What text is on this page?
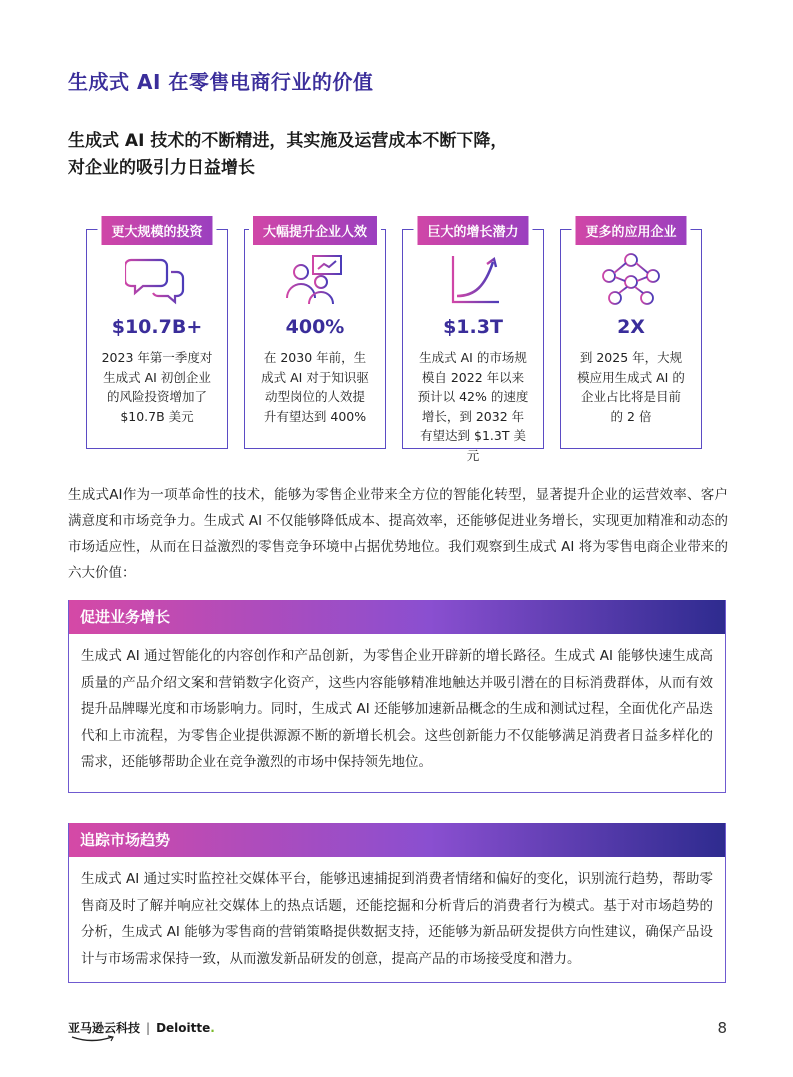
生成式 AI 在零售电商行业的价值
生成式 AI 技术的不断精进，其实施及运营成本不断下降，
对企业的吸引力日益增长
更大规模的投资
$10.7B+
2023 年第一季度对生成式 AI 初创企业的风险投资增加了 $10.7B 美元
大幅提升企业人效
400%
在 2030 年前，生成式 AI 对于知识驱动型岗位的人效提升有望达到 400%
巨大的增长潜力
$1.3T
生成式 AI 的市场规模自 2022 年以来预计以 42% 的速度增长，到 2032 年有望达到 $1.3T 美元
更多的应用企业
2X
到 2025 年，大规模应用生成式 AI 的企业占比将是目前的 2 倍
生成式AI作为一项革命性的技术，能够为零售企业带来全方位的智能化转型，显著提升企业的运营效率、客户满意度和市场竞争力。生成式 AI 不仅能够降低成本、提高效率，还能够促进业务增长，实现更加精准和动态的市场适应性，从而在日益激烈的零售竞争环境中占据优势地位。我们观察到生成式 AI 将为零售电商企业带来的六大价值：
促进业务增长
生成式 AI 通过智能化的内容创作和产品创新，为零售企业开辟新的增长路径。生成式 AI 能够快速生成高质量的产品介绍文案和营销数字化资产，这些内容能够精准地触达并吸引潜在的目标消费群体，从而有效提升品牌曝光度和市场影响力。同时，生成式 AI 还能够加速新品概念的生成和测试过程，全面优化产品迭代和上市流程，为零售企业提供源源不断的新增长机会。这些创新能力不仅能够满足消费者日益多样化的需求，还能够帮助企业在竞争激烈的市场中保持领先地位。
追踪市场趋势
生成式 AI 通过实时监控社交媒体平台，能够迅速捕捉到消费者情绪和偏好的变化，识别流行趋势，帮助零售商及时了解并响应社交媒体上的热点话题，还能挖掘和分析背后的消费者行为模式。基于对市场趋势的分析，生成式 AI 能够为零售商的营销策略提供数据支持，还能够为新品研发提供方向性建议，确保产品设计与市场需求保持一致，从而激发新品研发的创意，提高产品的市场接受度和潜力。
亚马逊云科技 | Deloitte.	8
